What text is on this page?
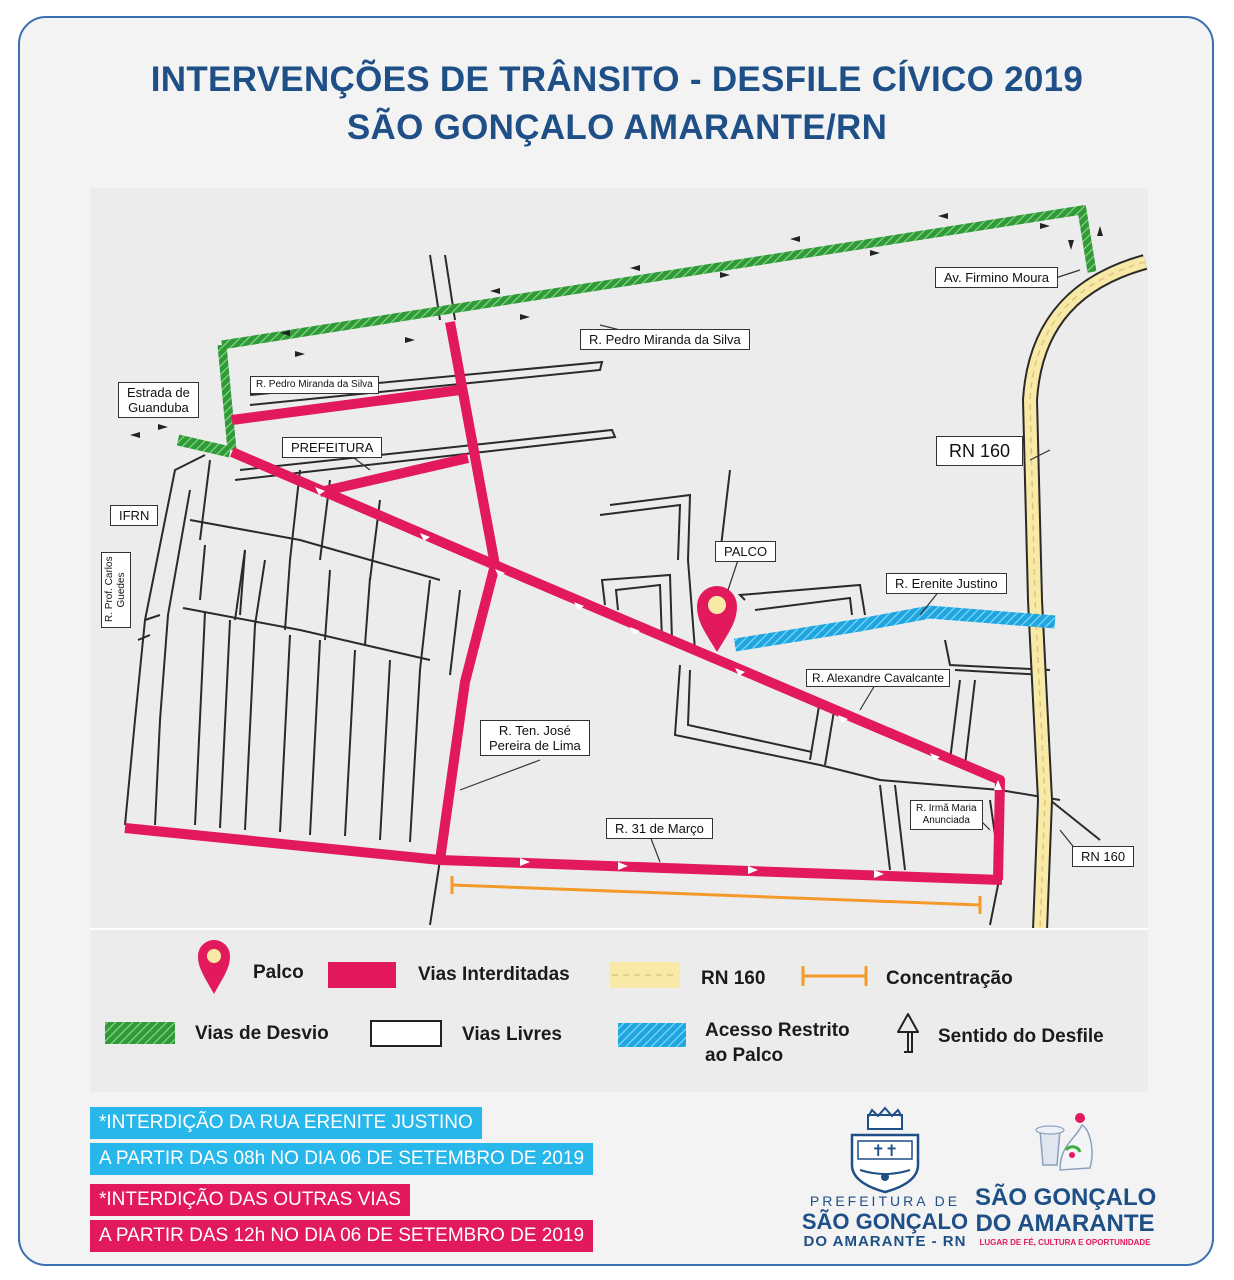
INTERVENÇÕES DE TRÂNSITO - DESFILE CÍVICO 2019
SÃO GONÇALO AMARANTE/RN
Av. Firmino Moura
R. Pedro Miranda da Silva
R. Pedro Miranda da Silva
Estrada de
Guanduba
PREFEITURA	RN 160
IFRN
R. Prof. Carlos
Guedes
PALCO
R. Erenite Justino
R. Alexandre Cavalcante
R. Ten. José
Pereira de Lima
R. Irmã Maria
Anunciada
RN 160
R. 31 de Março
Palco	Vias Interditadas	RN 160	Concentração
Vias de Desvio	Vias Livres	Acesso Restrito
ao Palco
Sentido do Desfile
*INTERDIÇÃO DA RUA ERENITE JUSTINO
A PARTIR DAS 08h NO DIA 06 DE SETEMBRO DE 2019
*INTERDIÇÃO DAS OUTRAS VIAS
A PARTIR DAS 12h NO DIA 06 DE SETEMBRO DE 2019
✝✝
PREFEITURA DE
SÃO GONÇALO
DO AMARANTE - RN
SÃO GONÇALO
DO AMARANTE
LUGAR DE FÉ, CULTURA E OPORTUNIDADE
